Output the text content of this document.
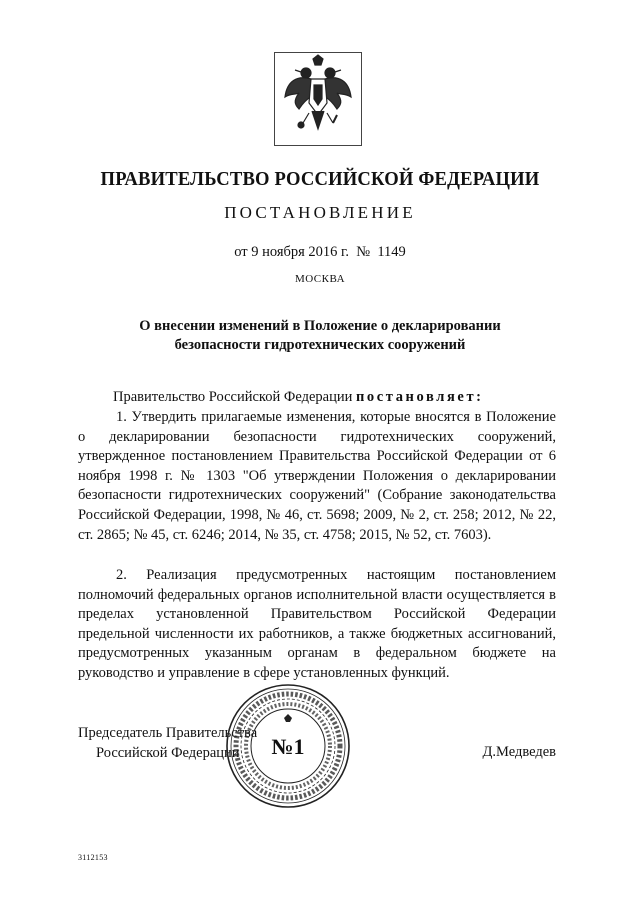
ПРАВИТЕЛЬСТВО РОССИЙСКОЙ ФЕДЕРАЦИИ
ПОСТАНОВЛЕНИЕ
от 9 ноября 2016 г. № 1149
МОСКВА
О внесении изменений в Положение о декларировании
безопасности гидротехнических сооружений
Правительство Российской Федерации постановляет:
1. Утвердить прилагаемые изменения, которые вносятся в Положение о декларировании безопасности гидротехнических сооружений, утвержденное постановлением Правительства Российской Федерации от 6 ноября 1998 г. № 1303 "Об утверждении Положения о декларировании безопасности гидротехнических сооружений" (Собрание законодательства Российской Федерации, 1998, № 46, ст. 5698; 2009, № 2, ст. 258; 2012, № 22, ст. 2865; № 45, ст. 6246; 2014, № 35, ст. 4758; 2015, № 52, ст. 7603).
2. Реализация предусмотренных настоящим постановлением полномочий федеральных органов исполнительной власти осуществляется в пределах установленной Правительством Российской Федерации предельной численности их работников, а также бюджетных ассигнований, предусмотренных указанным органам в федеральном бюджете на руководство и управление в сфере установленных функций.
Председатель Правительства
Российской Федерации	Д.Медведев
№1
3112153
